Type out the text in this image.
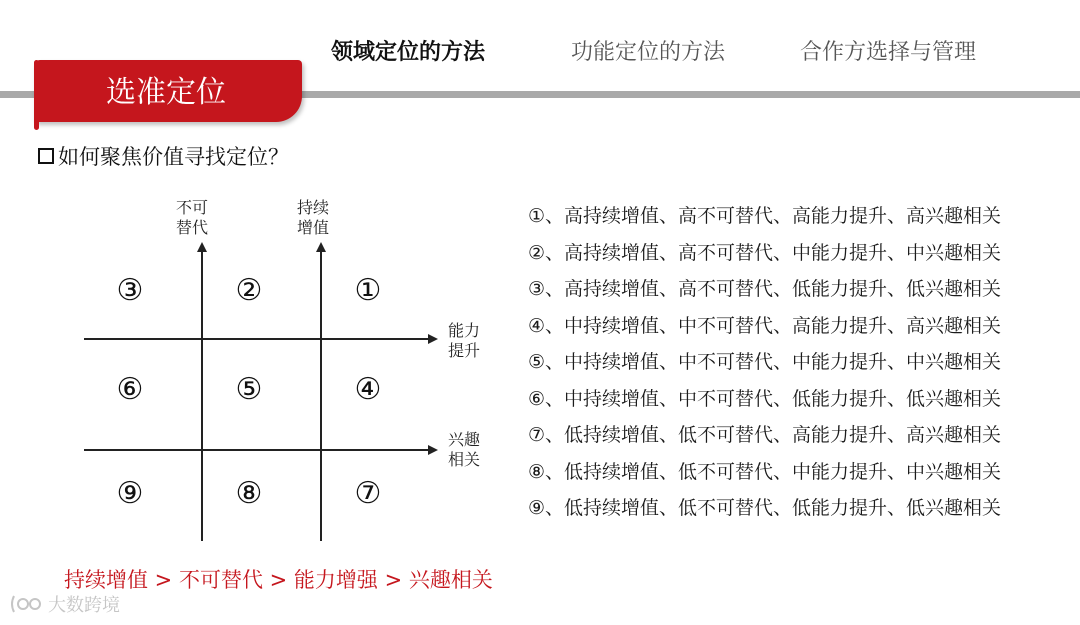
领域定位的方法	功能定位的方法	合作方选择与管理
选准定位
如何聚焦价值寻找定位？
不可
替代
持续
增值
能力
提升
兴趣
相关
③	②	①
⑥	⑤	④
⑨	⑧	⑦
①、高持续增值、高不可替代、高能力提升、高兴趣相关
②、高持续增值、高不可替代、中能力提升、中兴趣相关
③、高持续增值、高不可替代、低能力提升、低兴趣相关
④、中持续增值、中不可替代、高能力提升、高兴趣相关
⑤、中持续增值、中不可替代、中能力提升、中兴趣相关
⑥、中持续增值、中不可替代、低能力提升、低兴趣相关
⑦、低持续增值、低不可替代、高能力提升、高兴趣相关
⑧、低持续增值、低不可替代、中能力提升、中兴趣相关
⑨、低持续增值、低不可替代、低能力提升、低兴趣相关
持续增值 > 不可替代 > 能力增强 > 兴趣相关
大数跨境
